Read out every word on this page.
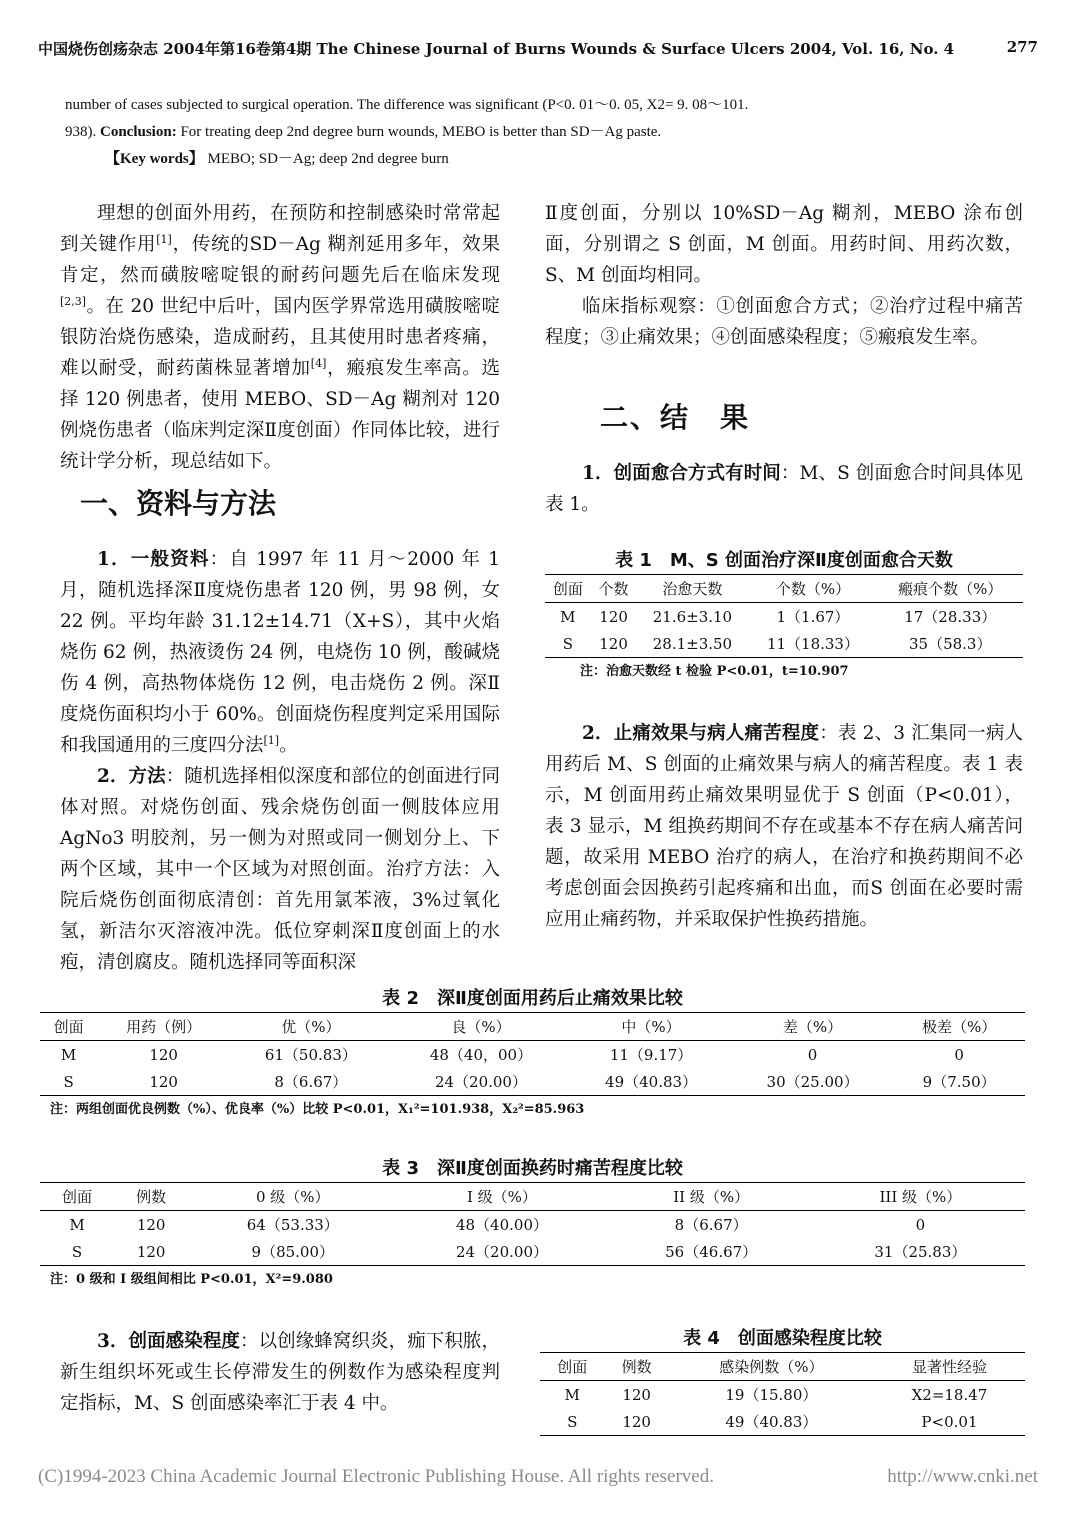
中国烧伤创疡杂志 2004年第16卷第4期 The Chinese Journal of Burns Wounds & Surface Ulcers 2004, Vol. 16, No. 4	277

number of cases subjected to surgical operation. The difference was significant (P<0. 01～0. 05, X2= 9. 08～101.

938). Conclusion: For treating deep 2nd degree burn wounds, MEBO is better than SD－Ag paste.

【Key words】 MEBO; SD－Ag; deep 2nd degree burn

理想的创面外用药，在预防和控制感染时常常起到关键作用[1]，传统的SD－Ag 糊剂延用多年，效果肯定，然而磺胺嘧啶银的耐药问题先后在临床发现[2,3]。在 20 世纪中后叶，国内医学界常选用磺胺嘧啶银防治烧伤感染，造成耐药，且其使用时患者疼痛，难以耐受，耐药菌株显著增加[4]，瘢痕发生率高。选择 120 例患者，使用 MEBO、SD－Ag 糊剂对 120 例烧伤患者（临床判定深Ⅱ度创面）作同体比较，进行统计学分析，现总结如下。

一、资料与方法

1．一般资料：自 1997 年 11 月～2000 年 1 月，随机选择深Ⅱ度烧伤患者 120 例，男 98 例，女 22 例。平均年龄 31.12±14.71（X+S），其中火焰烧伤 62 例，热液烫伤 24 例，电烧伤 10 例，酸碱烧伤 4 例，高热物体烧伤 12 例，电击烧伤 2 例。深Ⅱ度烧伤面积均小于 60%。创面烧伤程度判定采用国际和我国通用的三度四分法[1]。

2．方法：随机选择相似深度和部位的创面进行同体对照。对烧伤创面、残余烧伤创面一侧肢体应用 AgNo3 明胶剂，另一侧为对照或同一侧划分上、下两个区域，其中一个区域为对照创面。治疗方法：入院后烧伤创面彻底清创：首先用氯苯液，3%过氧化氢，新洁尔灭溶液冲洗。低位穿刺深Ⅱ度创面上的水疱，清创腐皮。随机选择同等面积深

Ⅱ度创面，分别以 10%SD－Ag 糊剂，MEBO 涂布创面，分别谓之 S 创面，M 创面。用药时间、用药次数，S、M 创面均相同。

临床指标观察：①创面愈合方式；②治疗过程中痛苦程度；③止痛效果；④创面感染程度；⑤瘢痕发生率。

二、结　果

1．创面愈合方式有时间：M、S 创面愈合时间具体见表 1。

表 1　M、S 创面治疗深Ⅱ度创面愈合天数
创面	个数	治愈天数	个数（%）	瘢痕个数（%）
M	120	21.6±3.10	1（1.67）	17（28.33）
S	120	28.1±3.50	11（18.33）	35（58.3）
注：治愈天数经 t 检验 P<0.01，t=10.907

2．止痛效果与病人痛苦程度：表 2、3 汇集同一病人用药后 M、S 创面的止痛效果与病人的痛苦程度。表 1 表示，M 创面用药止痛效果明显优于 S 创面（P<0.01），表 3 显示，M 组换药期间不存在或基本不存在病人痛苦问题，故采用 MEBO 治疗的病人，在治疗和换药期间不必考虑创面会因换药引起疼痛和出血，而S 创面在必要时需应用止痛药物，并采取保护性换药措施。

表 2　深Ⅱ度创面用药后止痛效果比较
创面	用药（例）	优（%）	良（%）	中（%）	差（%）	极差（%）
M	120	61（50.83）	48（40，00）	11（9.17）	0	0
S	120	8（6.67）	24（20.00）	49（40.83）	30（25.00）	9（7.50）
注：两组创面优良例数（%）、优良率（%）比较 P<0.01，X₁²=101.938，X₂²=85.963
表 3　深Ⅱ度创面换药时痛苦程度比较
创面	例数	0 级（%）	I 级（%）	II 级（%）	III 级（%）
M	120	64（53.33）	48（40.00）	8（6.67）	0
S	120	9（85.00）	24（20.00）	56（46.67）	31（25.83）
注：0 级和 I 级组间相比 P<0.01，X²=9.080

3．创面感染程度：以创缘蜂窝织炎，痂下积脓，新生组织坏死或生长停滞发生的例数作为感染程度判定指标，M、S 创面感染率汇于表 4 中。

表 4　创面感染程度比较
创面	例数	感染例数（%）	显著性经验
M	120	19（15.80）	X2=18.47
S	120	49（40.83）	P<0.01
(C)1994-2023 China Academic Journal Electronic Publishing House. All rights reserved.	http://www.cnki.net
